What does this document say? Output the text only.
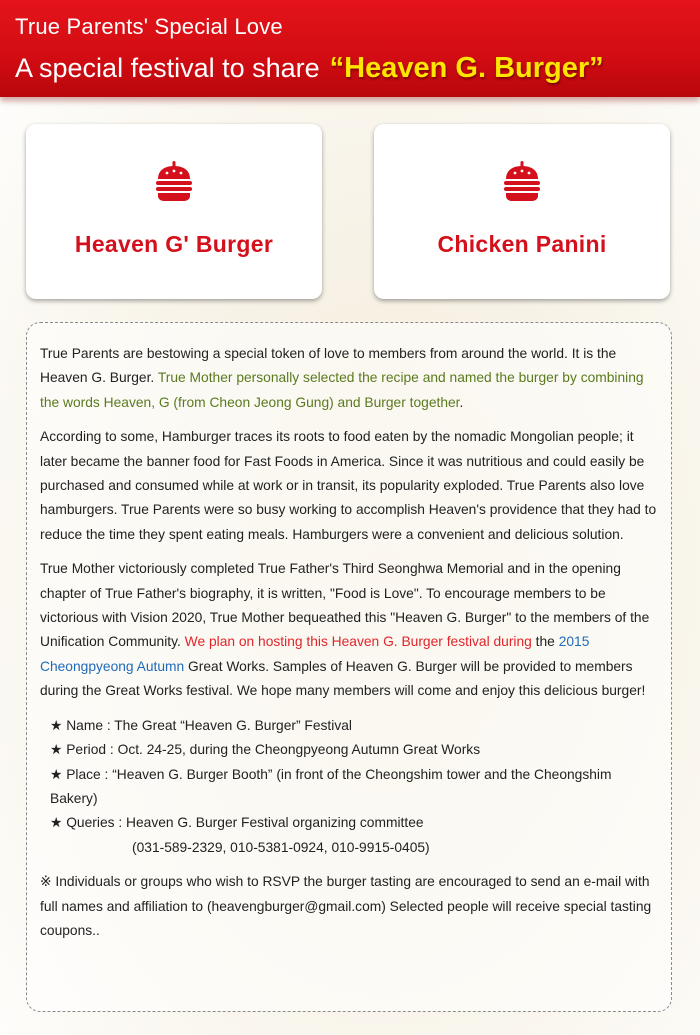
True Parents' Special Love
A special festival to share “Heaven G. Burger”
Heaven G' Burger	Chicken Panini

True Parents are bestowing a special token of love to members from around the world. It is the Heaven G. Burger. True Mother personally selected the recipe and named the burger by combining the words Heaven, G (from Cheon Jeong Gung) and Burger together.

According to some, Hamburger traces its roots to food eaten by the nomadic Mongolian people; it later became the banner food for Fast Foods in America. Since it was nutritious and could easily be purchased and consumed while at work or in transit, its popularity exploded. True Parents also love hamburgers. True Parents were so busy working to accomplish Heaven's providence that they had to reduce the time they spent eating meals. Hamburgers were a convenient and delicious solution.

True Mother victoriously completed True Father's Third Seonghwa Memorial and in the opening chapter of True Father's biography, it is written, "Food is Love". To encourage members to be victorious with Vision 2020, True Mother bequeathed this "Heaven G. Burger" to the members of the Unification Community. We plan on hosting this Heaven G. Burger festival during the 2015 Cheongpyeong Autumn Great Works. Samples of Heaven G. Burger will be provided to members during the Great Works festival. We hope many members will come and enjoy this delicious burger!

★ Name : The Great “Heaven G. Burger” Festival
★ Period : Oct. 24-25, during the Cheongpyeong Autumn Great Works
★ Place : “Heaven G. Burger Booth” (in front of the Cheongshim tower and the Cheongshim Bakery)
★ Queries : Heaven G. Burger Festival organizing committee
(031-589-2329, 010-5381-0924, 010-9915-0405)

※ Individuals or groups who wish to RSVP the burger tasting are encouraged to send an e-mail with full names and affiliation to (heavengburger@gmail.com) Selected people will receive special tasting coupons..
